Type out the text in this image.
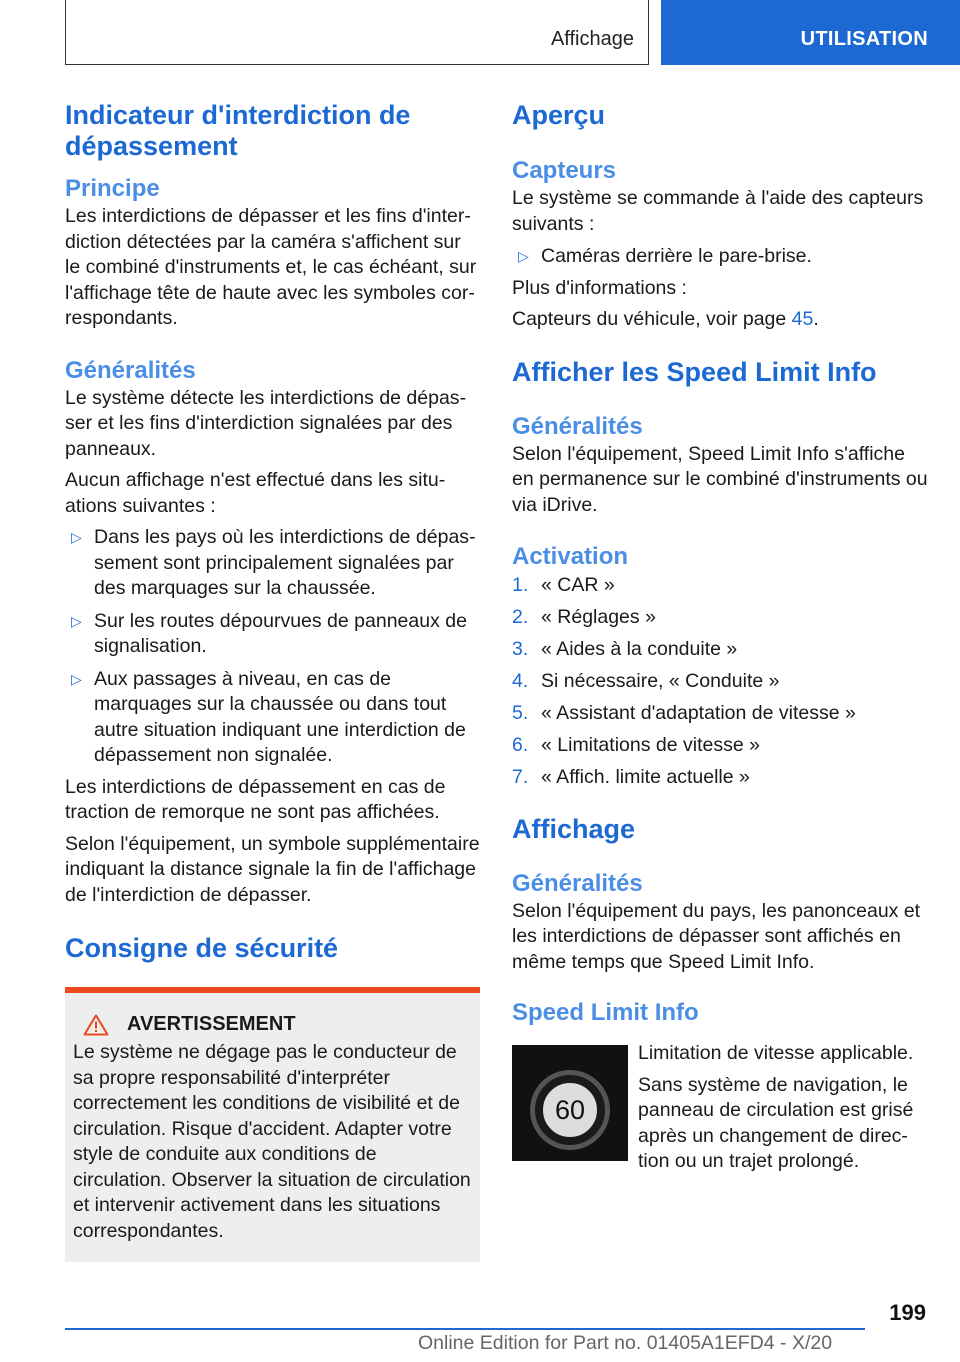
Affichage	UTILISATION
Indicateur d'interdiction de dépassement
Principe

Les interdictions de dépasser et les fins d'interdiction détectées par la caméra s'affichent sur le combiné d'instruments et, le cas échéant, sur l'affichage tête de haute avec les symboles correspondants.

Généralités

Le système détecte les interdictions de dépasser et les fins d'interdiction signalées par des panneaux.

Aucun affichage n'est effectué dans les situations suivantes :

▷ Dans les pays où les interdictions de dépassement sont principalement signalées par des marquages sur la chaussée.
▷ Sur les routes dépourvues de panneaux de signalisation.
▷ Aux passages à niveau, en cas de marquages sur la chaussée ou dans tout autre situation indiquant une interdiction de dépassement non signalée.

Les interdictions de dépassement en cas de traction de remorque ne sont pas affichées.

Selon l'équipement, un symbole supplémentaire indiquant la distance signale la fin de l'affichage de l'interdiction de dépasser.

Consigne de sécurité
AVERTISSEMENT

Le système ne dégage pas le conducteur de sa propre responsabilité d'interpréter correctement les conditions de visibilité et de circulation. Risque d'accident. Adapter votre style de conduite aux conditions de circulation. Observer la situation de circulation et intervenir activement dans les situations correspondantes.

Aperçu
Capteurs

Le système se commande à l'aide des capteurs suivants :

▷ Caméras derrière le pare-brise.

Plus d'informations :

Capteurs du véhicule, voir page 45.

Afficher les Speed Limit Info
Généralités

Selon l'équipement, Speed Limit Info s'affiche en permanence sur le combiné d'instruments ou via iDrive.

Activation
1. « CAR »
2. « Réglages »
3. « Aides à la conduite »
4. Si nécessaire, « Conduite »
5. « Assistant d'adaptation de vitesse »
6. « Limitations de vitesse »
7. « Affich. limite actuelle »
Affichage
Généralités

Selon l'équipement du pays, les panonceaux et les interdictions de dépasser sont affichés en même temps que Speed Limit Info.

Speed Limit Info
60

Limitation de vitesse applicable.

Sans système de navigation, le panneau de circulation est grisé après un changement de direction ou un trajet prolongé.

199
Online Edition for Part no. 01405A1EFD4 - X/20
